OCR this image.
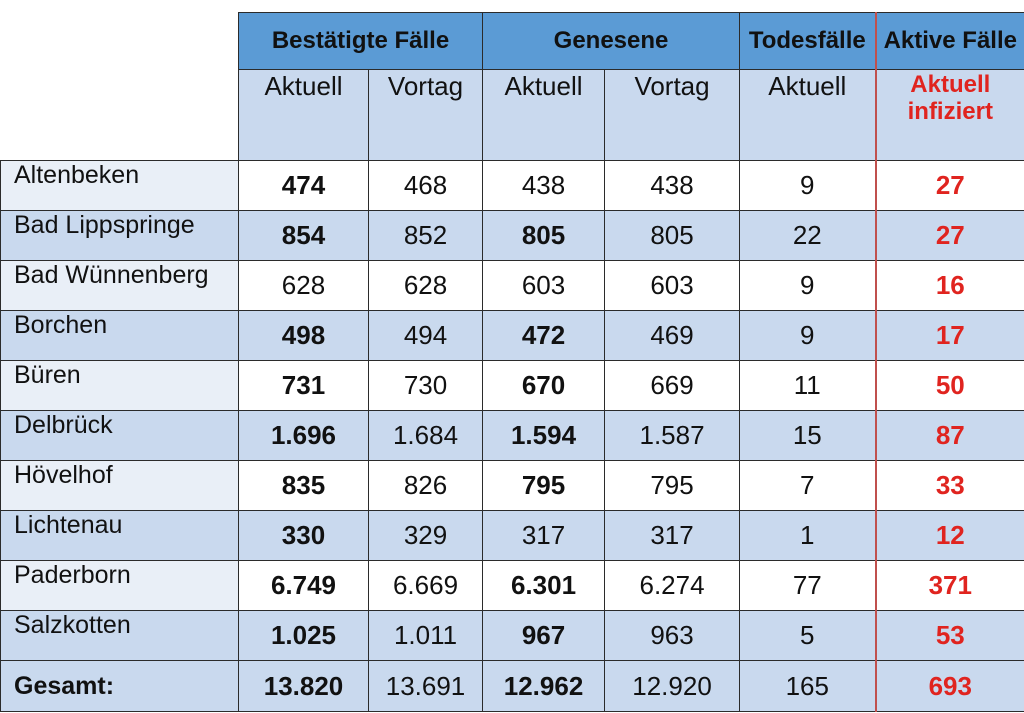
	Bestätigte Fälle		Genesene		Todesfälle	Aktive Fälle
	Aktuell	Vortag	Aktuell	Vortag	Aktuell	Aktuell
infiziert
Altenbeken	474	468	438	438	9	27
Bad Lippspringe	854	852	805	805	22	27
Bad Wünnenberg	628	628	603	603	9	16
Borchen	498	494	472	469	9	17
Büren	731	730	670	669	11	50
Delbrück	1.696	1.684	1.594	1.587	15	87
Hövelhof	835	826	795	795	7	33
Lichtenau	330	329	317	317	1	12
Paderborn	6.749	6.669	6.301	6.274	77	371
Salzkotten	1.025	1.011	967	963	5	53
Gesamt:	13.820	13.691	12.962	12.920	165	693
